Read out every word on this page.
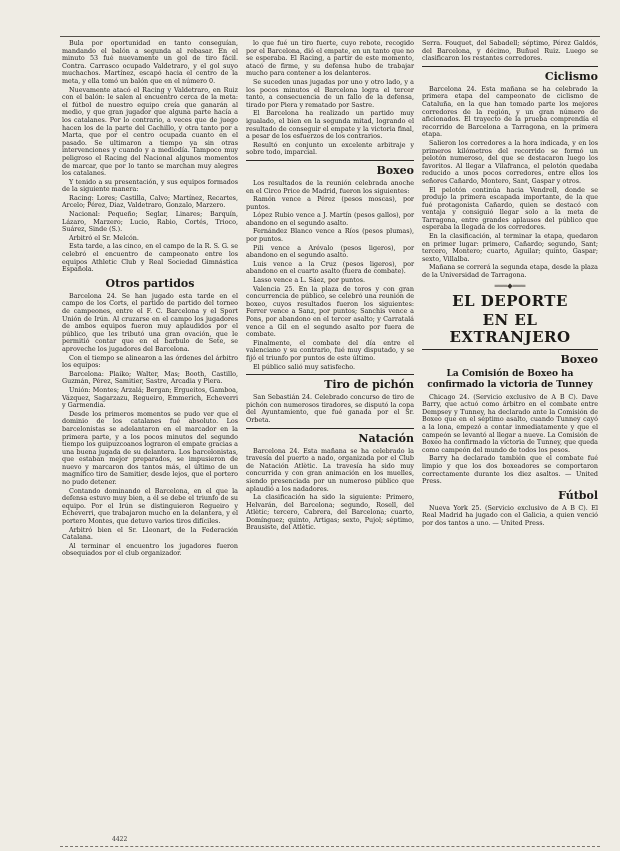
Bula por oportunidad en tanto conseguían, mandando el balón a segunda al rebasar. En el minuto 53 fué nuevamente un gol de tiro fácil. Contra. Carrasco ocupado Valdetraro, y el gol suyo muchachos. Martínez, escapó hacia el centro de la meta, y ella tomó un balón que en el número 0.

Nuevamente atacó el Racing y Valdetraro, en Ruiz con el balón: le salen al encuentro cerca de la meta: el fútbol de nuestro equipo creía que ganarán al medio, y que gran jugador que alguna parte hacía a los catalanes. Por lo contrario, a veces que de juego hacen los de la parte del Cachillo, y otra tanto por a Marta, que por el centro ocupada cuanto en el pasado. Se ultimaron a tiempo ya sin otras intervenciones y cuando y a mediodía. Tampoco muy peligroso el Racing del Nacional algunos momentos de marcar, que por lo tanto se marchan muy alegres los catalanes.

Y tenido a su presentación, y sus equipos formados de la siguiente manera:

Racing: Lores; Castilla, Calvo; Martínez, Recartes, Arcelo; Pérez, Diaz, Valdetraro, Gonzalo, Marzero.

Nacional: Pequeño; Seglar, Linares; Barquín, Lázaro, Marzero; Lucio, Rabio, Cortés, Trioco, Suárez, Sinde (S.).

Arbitró el Sr. Melcón.

Esta tarde, a las cinco, en el campo de la R. S. G. se celebró el encuentro de campeonato entre los equipos Athletic Club y Real Sociedad Gimnástica Española.

Otros partidos

Barcelona 24. Se han jugado esta tarde en el campo de los Corts, el partido de partido del torneo de campeones, entre el F. C. Barcelona y el Sport Unión de Irún. Al cruzarse en el campo los jugadores de ambos equipos fueron muy aplaudidos por el público, que les tributó una gran ovación, que le permitió contar que en el barbulo de Sete, se aproveche los jugadores del Barcelona.

Con el tiempo se alinearon a las órdenes del árbitro los equipos:

Barcelona: Plaiko; Walter, Mas; Booth, Castillo, Guzmán, Pérez, Samitier, Sastre, Arcadia y Piera.

Unión: Montes; Arzalá; Bergan; Ergueitos, Gamboa, Vázquez, Sagarzazu, Regueiro, Emmerich, Echeverri y Garmendia.

Desde los primeros momentos se pudo ver que el dominio de los catalanes fué absoluto. Los barcelonistas se adelantaron en el marcador en la primera parte, y a los pocos minutos del segundo tiempo los guipuzcoanos lograron el empate gracias a una buena jugada de su delantera. Los barcelonistas, que estaban mejor preparados, se impusieron de nuevo y marcaron dos tantos más, el último de un magnífico tiro de Samitier, desde lejos, que el portero no pudo detener.

Contando dominando el Barcelona, en el que la defensa estuvo muy bien, a él se debe el triunfo de su equipo. Por el Irún se distinguieron Regueiro y Echeverri, que trabajaron mucho en la delantera, y el portero Montes, que detuvo varios tiros difíciles.

Arbitró bien el Sr. Lleonart, de la Federación Catalana.

Al terminar el encuentro los jugadores fueron obsequiados por el club organizador.

lo que fué un tiro fuerte, cuyo rebote, recogido por el Barcelona, dió el empate, en un tanto que no se esperaba. El Racing, a partir de este momento, atacó de firme, y su defensa hubo de trabajar mucho para contener a los delanteros.

Se suceden unas jugadas por uno y otro lado, y a los pocos minutos el Barcelona logra el tercer tanto, a consecuencia de un fallo de la defensa, tirado por Piera y rematado por Sastre.

El Barcelona ha realizado un partido muy igualado, el bien en la segunda mitad, logrando el resultado de conseguir el empate y la victoria final, a pesar de los esfuerzos de los contrarios.

Resultó en conjunto un excelente arbitraje y sobre todo, imparcial.

Boxeo

Los resultados de la reunión celebrada anoche en el Circo Price de Madrid, fueron los siguientes:

Ramón vence a Pérez (pesos moscas), por puntos.

López Rubio vence a J. Martín (pesos gallos), por abandono en el segundo asalto.

Fernández Blanco vence a Ríos (pesos plumas), por puntos.

Pili vence a Arévalo (pesos ligeros), por abandono en el segundo asalto.

Luis vence a la Cruz (pesos ligeros), por abandono en el cuarto asalto (fuera de combate).

Lasso vence a L. Sáez, por puntos.

Valencia 25. En la plaza de toros y con gran concurrencia de público, se celebró una reunión de boxeo, cuyos resultados fueron los siguientes: Ferrer vence a Sanz, por puntos; Sanchis vence a Pons, por abandono en el tercer asalto; y Carratalá vence a Gil en el segundo asalto por fuera de combate.

Finalmente, el combate del día entre el valenciano y su contrario, fué muy disputado, y se fijó el triunfo por puntos de este último.

El público salió muy satisfecho.

Tiro de pichón

San Sebastián 24. Celebrado concurso de tiro de pichón con numerosos tiradores, se disputó la copa del Ayuntamiento, que fué ganada por el Sr. Orbeta.

Natación

Barcelona 24. Esta mañana se ha celebrado la travesía del puerto a nado, organizada por el Club de Natación Atlètic. La travesía ha sido muy concurrida y con gran animación en los muelles, siendo presenciada por un numeroso público que aplaudió a los nadadores.

La clasificación ha sido la siguiente: Primero, Helvarán, del Barcelona; segundo, Rosell, del Atlètic; tercero, Cabrera, del Barcelona; cuarto, Domínguez; quinto, Artigas; sexto, Pujol; séptimo, Brausiste, del Atlètic.

Serra. Fouquet, del Sabadell; séptimo, Pérez Galdós, del Barcelona, y décimo, Buñuel Ruiz. Luego se clasificaron los restantes corredores.

Ciclismo

Barcelona 24. Esta mañana se ha celebrado la primera etapa del campeonato de ciclismo de Cataluña, en la que han tomado parte los mejores corredores de la región, y un gran número de aficionados. El trayecto de la prueba comprendía el recorrido de Barcelona a Tarragona, en la primera etapa.

Salieron los corredores a la hora indicada, y en los primeros kilómetros del recorrido se formó un pelotón numeroso, del que se destacaron luego los favoritos. Al llegar a Vilafranca, el pelotón quedaba reducido a unos pocos corredores, entre ellos los señores Cañardo, Montero, Sant, Gaspar y otros.

El pelotón continúa hacia Vendrell, donde se produjo la primera escapada importante, de la que fué protagonista Cañardo, quien se destacó con ventaja y consiguió llegar solo a la meta de Tarragona, entre grandes aplausos del público que esperaba la llegada de los corredores.

En la clasificación, al terminar la etapa, quedaron en primer lugar: primero, Cañardo; segundo, Sant; tercero, Montero; cuarto, Aguilar; quinto, Gaspar; sexto, Villalba.

Mañana se correrá la segunda etapa, desde la plaza de la Universidad de Tarragona.

═══◆═══
EL DEPORTE
EN EL EXTRANJERO
Boxeo
La Comisión de Boxeo ha confirmado la victoria de Tunney

Chicago 24. (Servicio exclusivo de A B C). Dave Barry, que actuó como árbitro en el combate entre Dempsey y Tunney, ha declarado ante la Comisión de Boxeo que en el séptimo asalto, cuando Tunney cayó a la lona, empezó a contar inmediatamente y que el campeón se levantó al llegar a nueve. La Comisión de Boxeo ha confirmado la victoria de Tunney, que queda como campeón del mundo de todos los pesos.

Barry ha declarado también que el combate fué limpio y que los dos boxeadores se comportaron correctamente durante los diez asaltos. — United Press.

Fútbol

Nueva York 25. (Servicio exclusivo de A B C). El Real Madrid ha jugado con el Galicia, a quien venció por dos tantos a uno. — United Press.

4422
